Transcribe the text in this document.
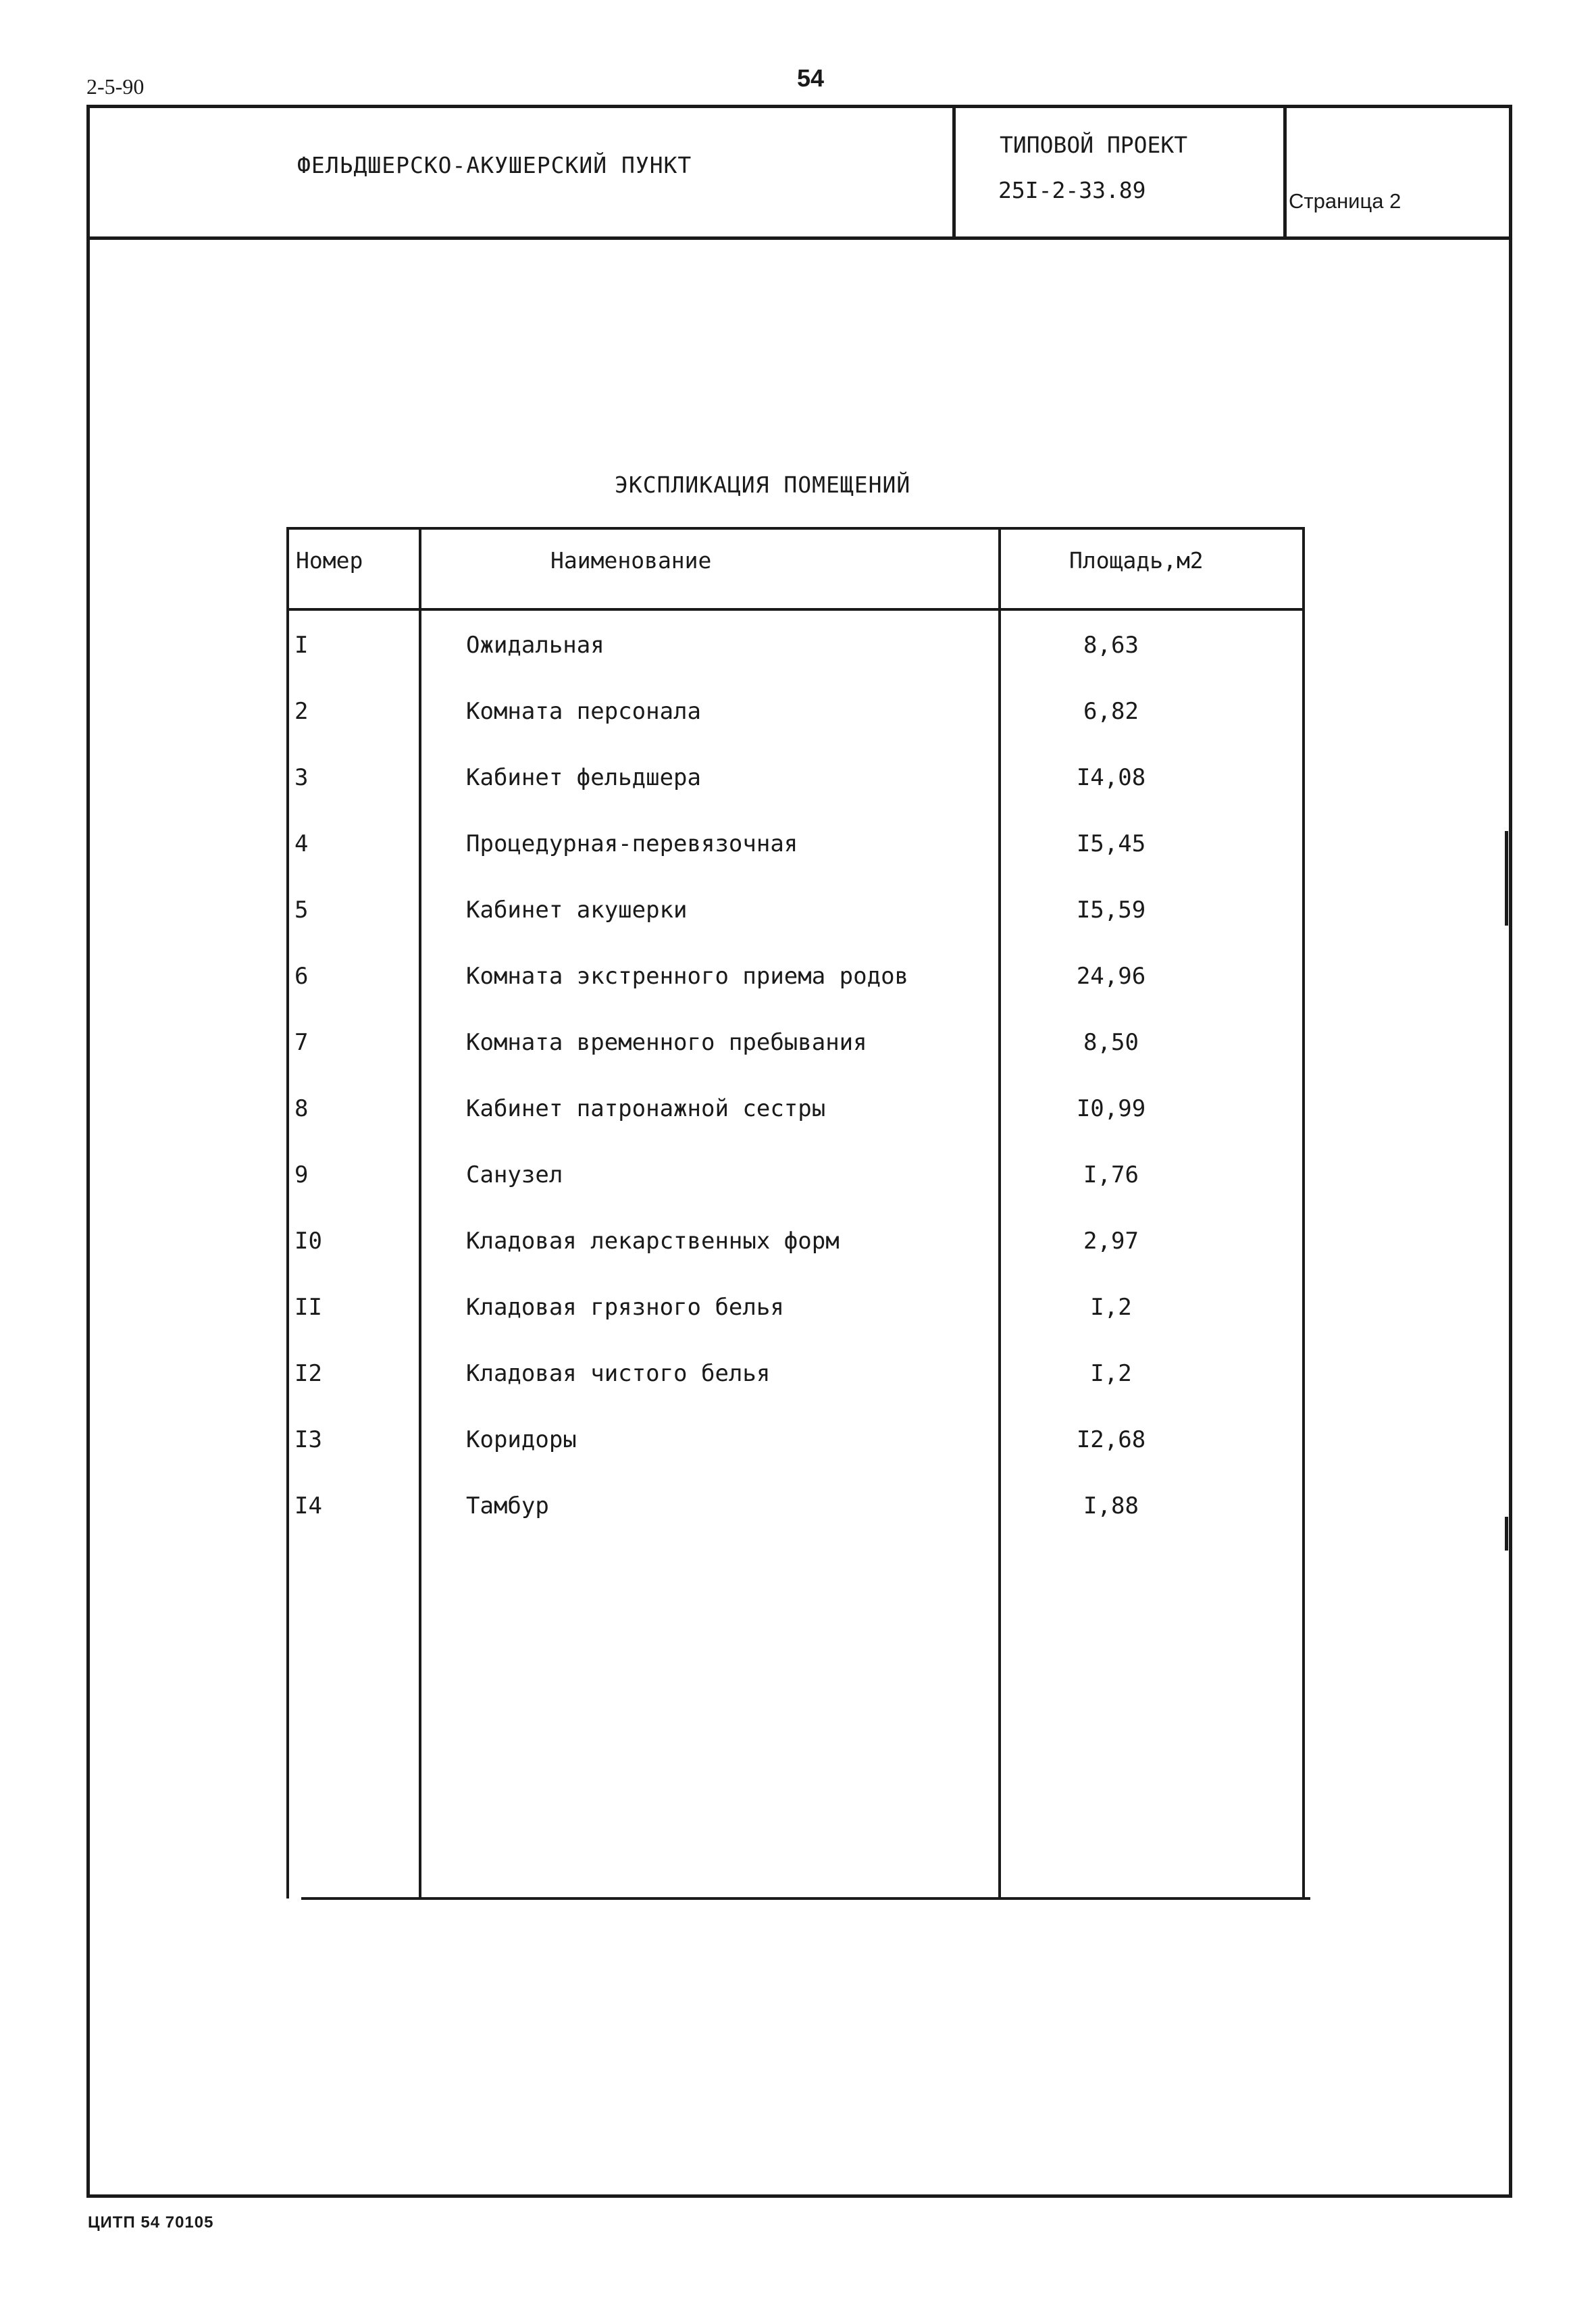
2-5-90	54
ФЕЛЬДШЕРСКО-АКУШЕРСКИЙ ПУНКТ
ТИПОВОЙ ПРОЕКТ
25I-2-33.89	Страница 2
ЭКСПЛИКАЦИЯ ПОМЕЩЕНИЙ
Номер	Наименование	Площадь,м2
I	Ожидальная	8,63
2	Комната персонала	6,82
3	Кабинет фельдшера	I4,08
4	Процедурная-перевязочная	I5,45
5	Кабинет акушерки	I5,59
6	Комната экстренного приема родов	24,96
7	Комната временного пребывания	8,50
8	Кабинет патронажной сестры	I0,99
9	Санузел	I,76
I0	Кладовая лекарственных форм	2,97
II	Кладовая грязного белья	I,2
I2	Кладовая чистого белья	I,2
I3	Коридоры	I2,68
I4	Тамбур	I,88
ЦИТП 54 70105
